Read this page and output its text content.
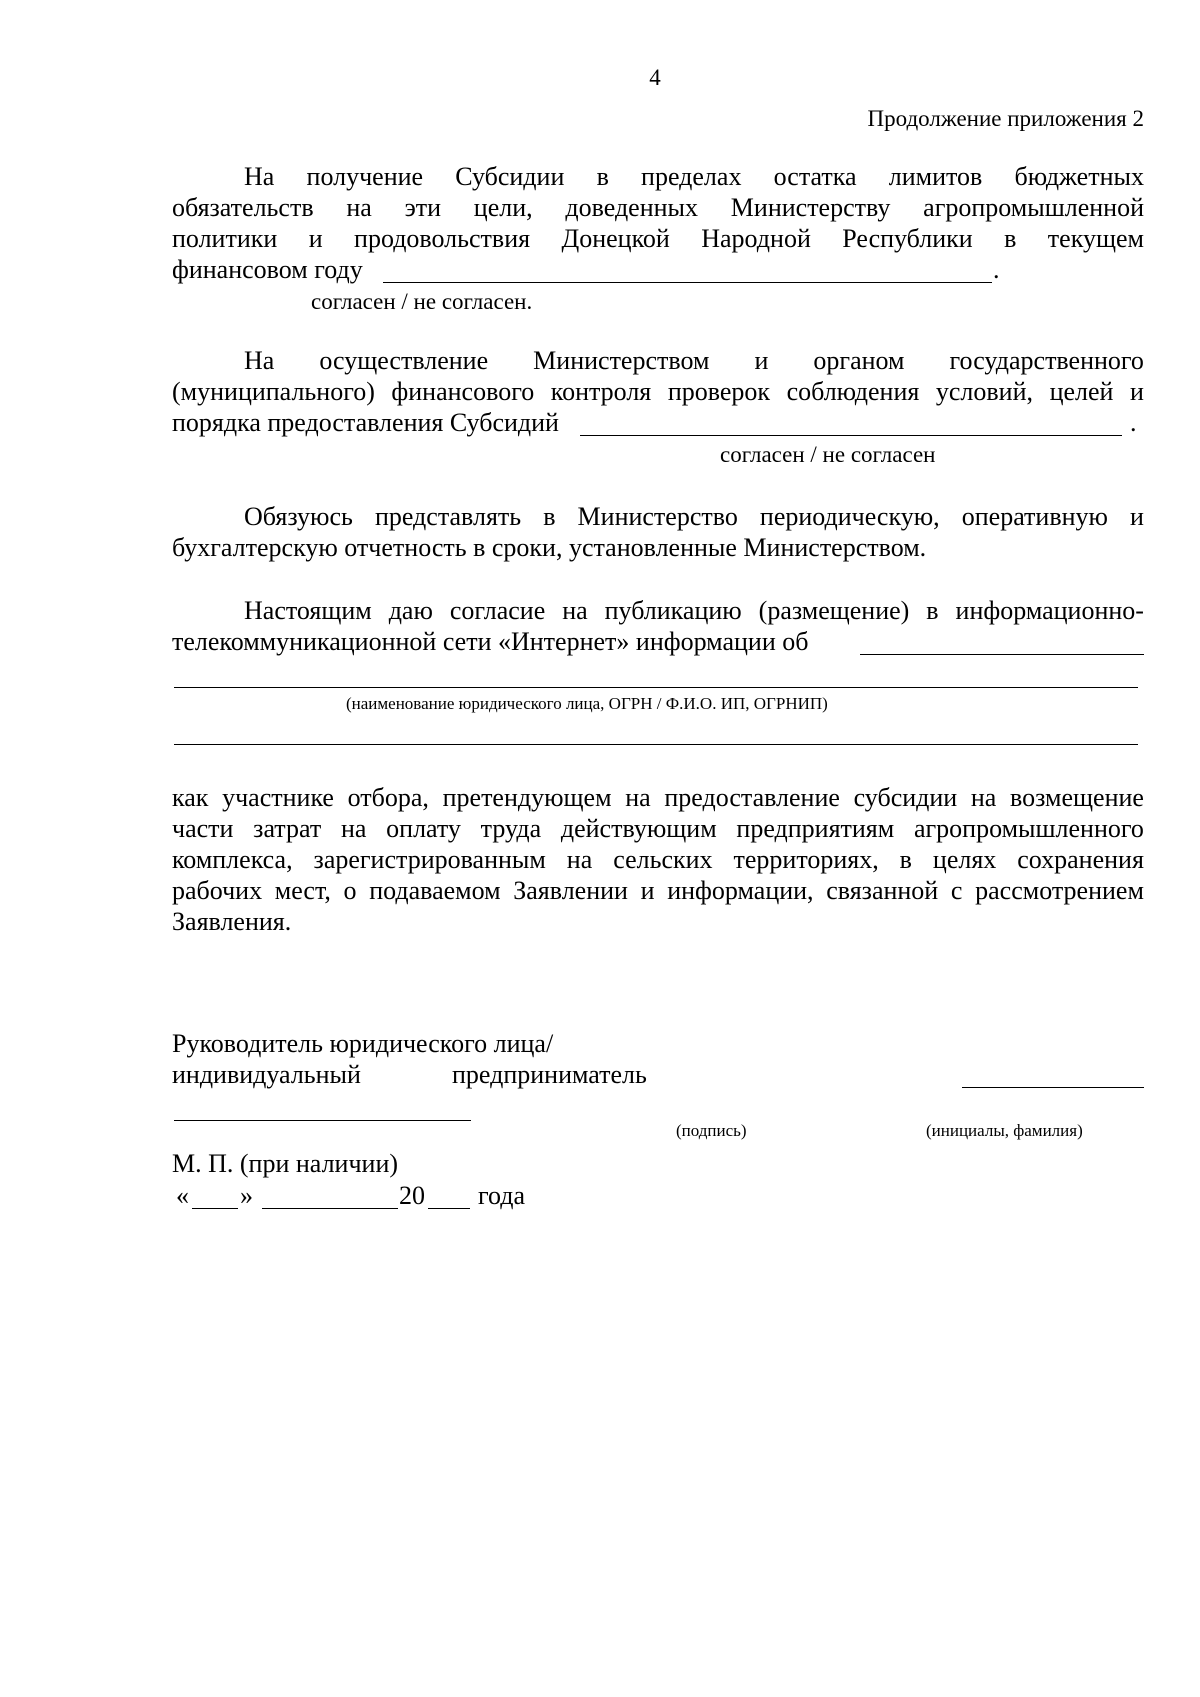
4
Продолжение приложения 2
На получение Субсидии в пределах остатка лимитов бюджетных
обязательств на эти цели, доведенных Министерству агропромышленной
политики и продовольствия Донецкой Народной Республики в текущем
финансовом году	.
согласен / не согласен.
На осуществление Министерством и органом государственного
(муниципального) финансового контроля проверок соблюдения условий, целей и
порядка предоставления Субсидий	.
согласен / не согласен
Обязуюсь представлять в Министерство периодическую, оперативную и
бухгалтерскую отчетность в сроки, установленные Министерством.
Настоящим даю согласие на публикацию (размещение) в информационно-
телекоммуникационной сети «Интернет» информации об
(наименование юридического лица, ОГРН / Ф.И.О. ИП, ОГРНИП)
как участнике отбора, претендующем на предоставление субсидии на возмещение
части затрат на оплату труда действующим предприятиям агропромышленного
комплекса, зарегистрированным на сельских территориях, в целях сохранения
рабочих мест, о подаваемом Заявлении и информации, связанной с рассмотрением
Заявления.
Руководитель юридического лица/
индивидуальный	предприниматель
(подпись)	(инициалы, фамилия)
М. П. (при наличии)
« »	20 года
